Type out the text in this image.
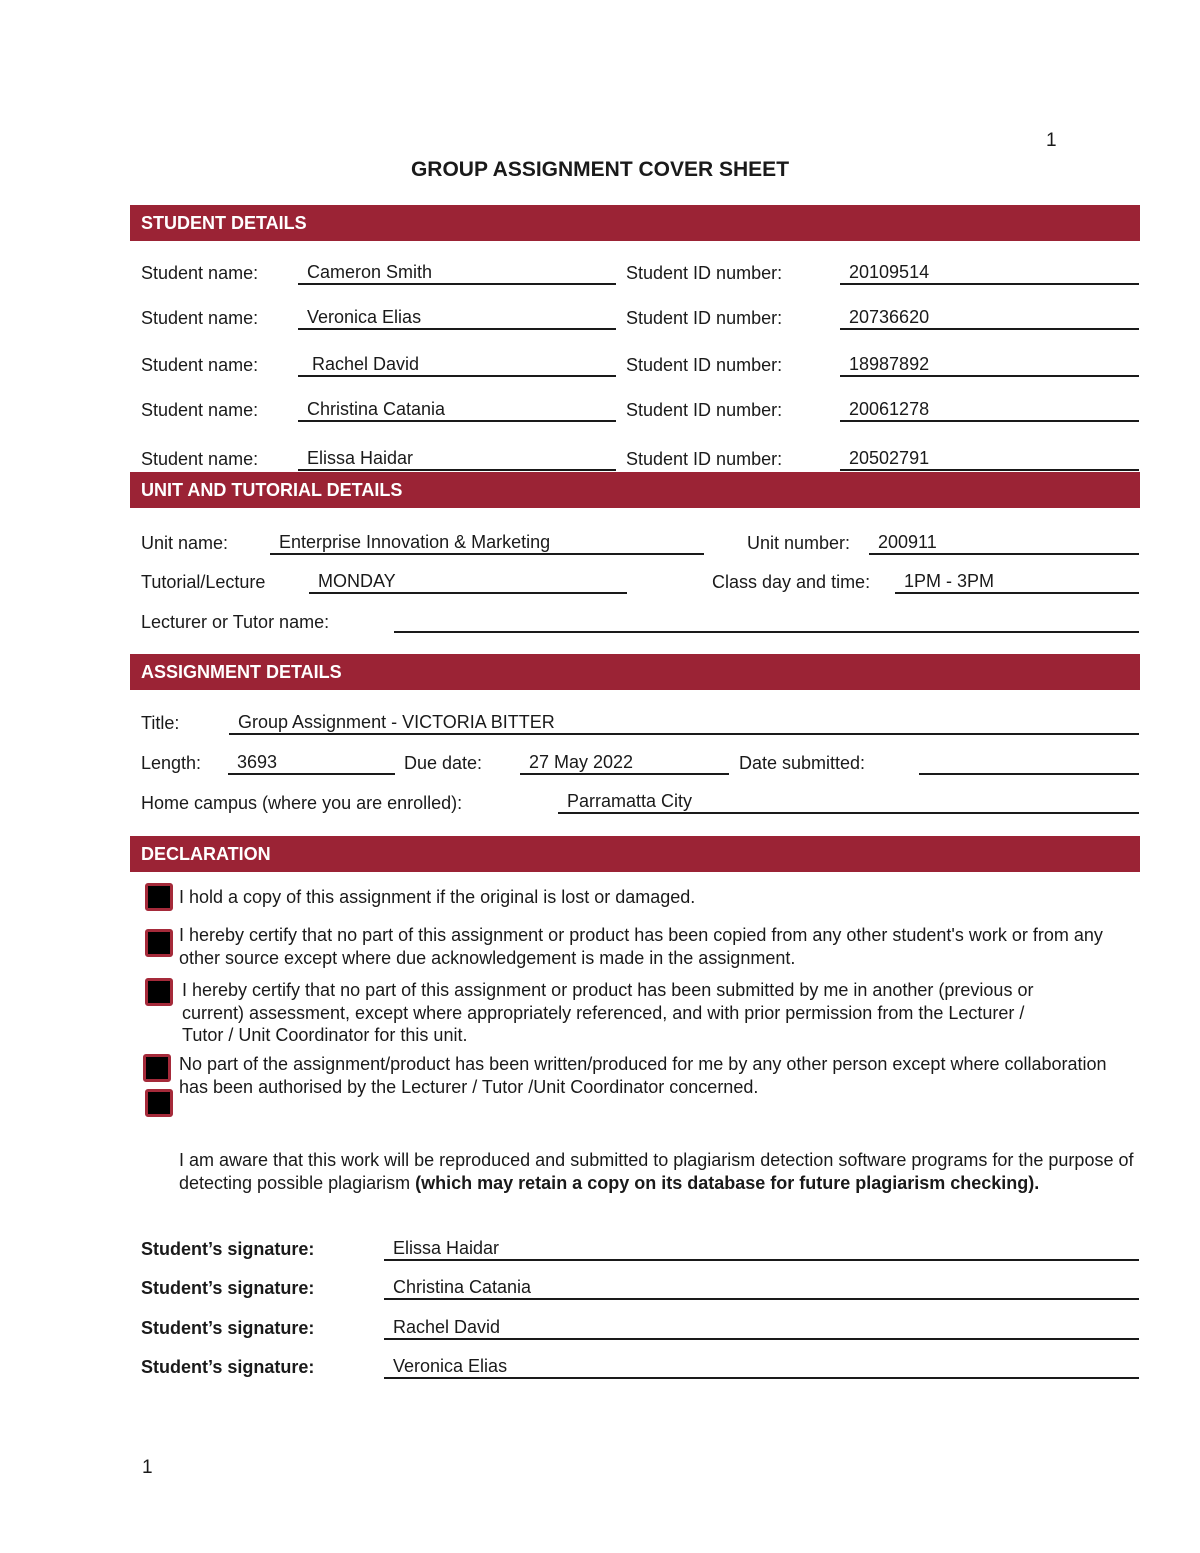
1
GROUP ASSIGNMENT COVER SHEET
STUDENT DETAILS
Student name:	Cameron Smith	Student ID number:	20109514
Student name:	Veronica Elias	Student ID number:	20736620
Student name:	Rachel David	Student ID number:	18987892
Student name:	Christina Catania	Student ID number:	20061278
Student name:	Elissa Haidar	Student ID number:	20502791
UNIT AND TUTORIAL DETAILS
Unit name:	Enterprise Innovation & Marketing	Unit number:	200911
Tutorial/Lecture	MONDAY	Class day and time:	1PM - 3PM
Lecturer or Tutor name:
ASSIGNMENT DETAILS
Title:	Group Assignment - VICTORIA BITTER
Length:	3693	Due date:	27 May 2022	Date submitted:
Home campus (where you are enrolled):	Parramatta City
DECLARATION
I hold a copy of this assignment if the original is lost or damaged.
I hereby certify that no part of this assignment or product has been copied from any other student's work or from any other source except where due acknowledgement is made in the assignment.
I hereby certify that no part of this assignment or product has been submitted by me in another (previous or current) assessment, except where appropriately referenced, and with prior permission from the Lecturer / Tutor / Unit Coordinator for this unit.
No part of the assignment/product has been written/produced for me by any other person except where collaboration has been authorised by the Lecturer / Tutor /Unit Coordinator concerned.
I am aware that this work will be reproduced and submitted to plagiarism detection software programs for the purpose of detecting possible plagiarism (which may retain a copy on its database for future plagiarism checking).
Student’s signature:	Elissa Haidar
Student’s signature:	Christina Catania
Student’s signature:	Rachel David
Student’s signature:	Veronica Elias
1
